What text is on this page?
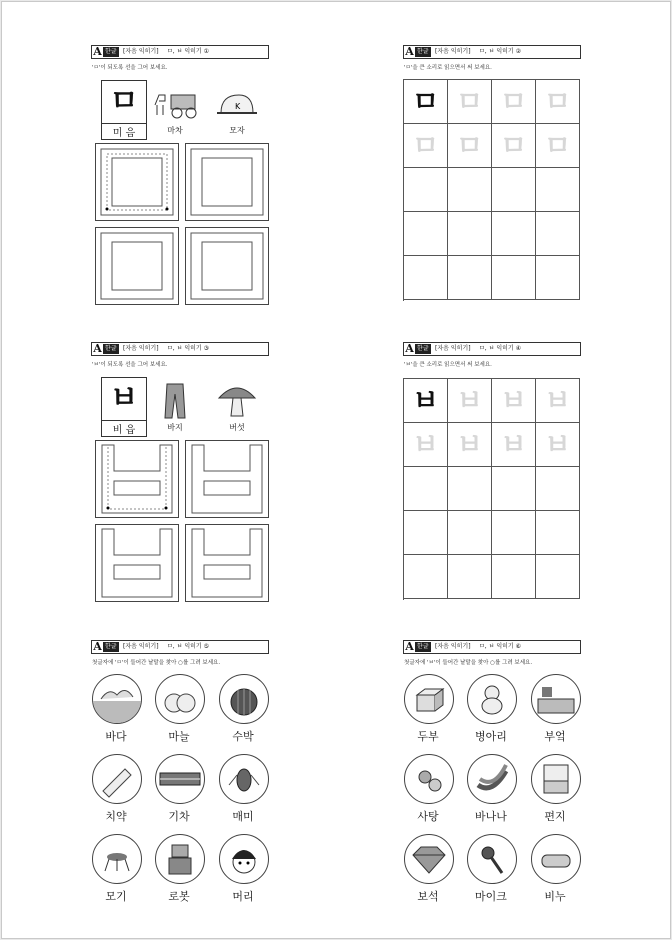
A 한글	[자음 익히기] ㅁ, ㅂ 익히기 ①
'ㅁ'이 되도록 선을 그어 보세요.
ㅁ
미 음	마차
K
모자
A 한글	[자음 익히기] ㅁ, ㅂ 익히기 ②
'ㅁ'을 큰 소리로 읽으면서 써 보세요.
ㅁ ㅁ ㅁ ㅁ
ㅁ ㅁ ㅁ ㅁ
A 한글	[자음 익히기] ㅁ, ㅂ 익히기 ③
'ㅂ'이 되도록 선을 그어 보세요.
ㅂ
비 읍	바지	버섯
A 한글	[자음 익히기] ㅁ, ㅂ 익히기 ④
'ㅂ'을 큰 소리로 읽으면서 써 보세요.
ㅂ ㅂ ㅂ ㅂ
ㅂ ㅂ ㅂ ㅂ
A 한글	[자음 익히기] ㅁ, ㅂ 익히기 ⑤
첫글자에 'ㅁ'이 들어간 낱말을 찾아 ○를 그려 보세요.
바다	마늘	수박
치약	기차	매미
모기	로봇	머리
A 한글	[자음 익히기] ㅁ, ㅂ 익히기 ⑥
첫글자에 'ㅂ'이 들어간 낱말을 찾아 ○를 그려 보세요.
두부	병아리	부엌
사탕	바나나	편지
보석	마이크	비누
